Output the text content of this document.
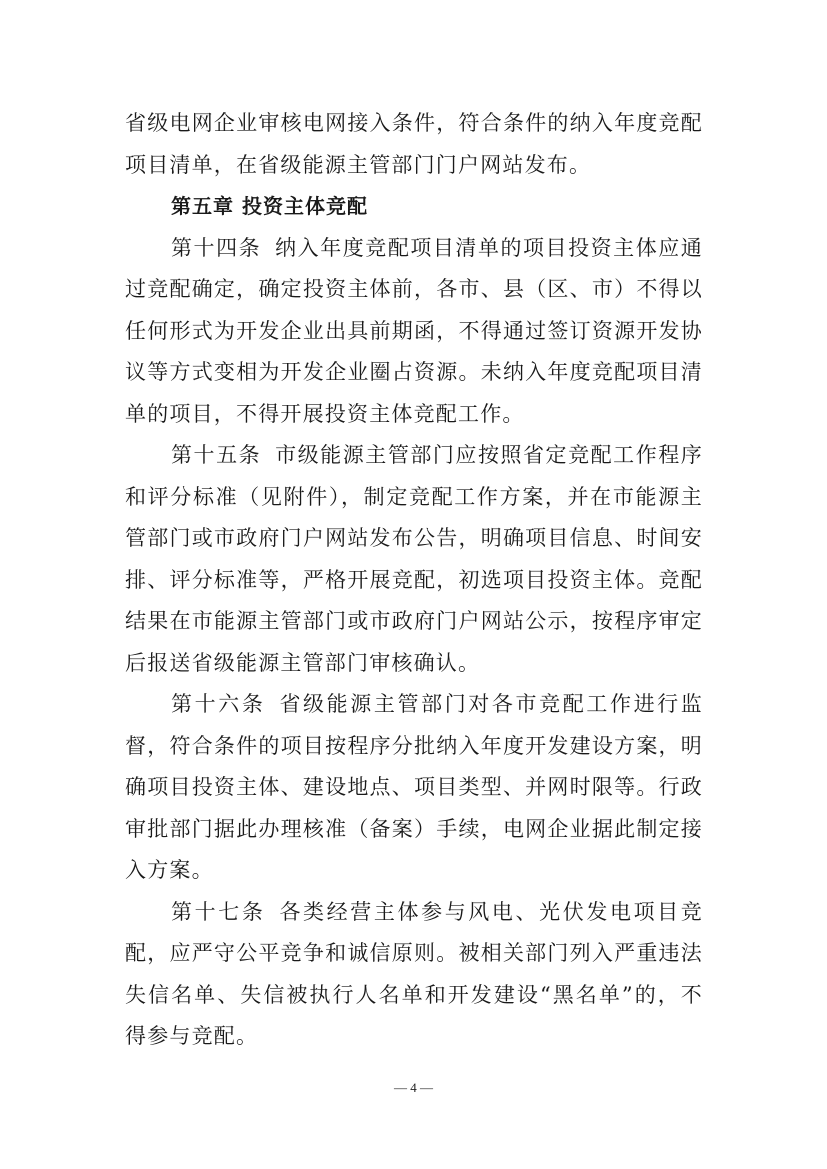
省级电网企业审核电网接入条件，符合条件的纳入年度竞配项目清单，在省级能源主管部门门户网站发布。

第五章 投资主体竞配

第十四条 纳入年度竞配项目清单的项目投资主体应通过竞配确定，确定投资主体前，各市、县（区、市）不得以任何形式为开发企业出具前期函，不得通过签订资源开发协议等方式变相为开发企业圈占资源。未纳入年度竞配项目清单的项目，不得开展投资主体竞配工作。

第十五条 市级能源主管部门应按照省定竞配工作程序和评分标准（见附件），制定竞配工作方案，并在市能源主管部门或市政府门户网站发布公告，明确项目信息、时间安排、评分标准等，严格开展竞配，初选项目投资主体。竞配结果在市能源主管部门或市政府门户网站公示，按程序审定后报送省级能源主管部门审核确认。

第十六条 省级能源主管部门对各市竞配工作进行监督，符合条件的项目按程序分批纳入年度开发建设方案，明确项目投资主体、建设地点、项目类型、并网时限等。行政审批部门据此办理核准（备案）手续，电网企业据此制定接入方案。

第十七条 各类经营主体参与风电、光伏发电项目竞配，应严守公平竞争和诚信原则。被相关部门列入严重违法失信名单、失信被执行人名单和开发建设“黑名单”的，不得参与竞配。

— 4 —
